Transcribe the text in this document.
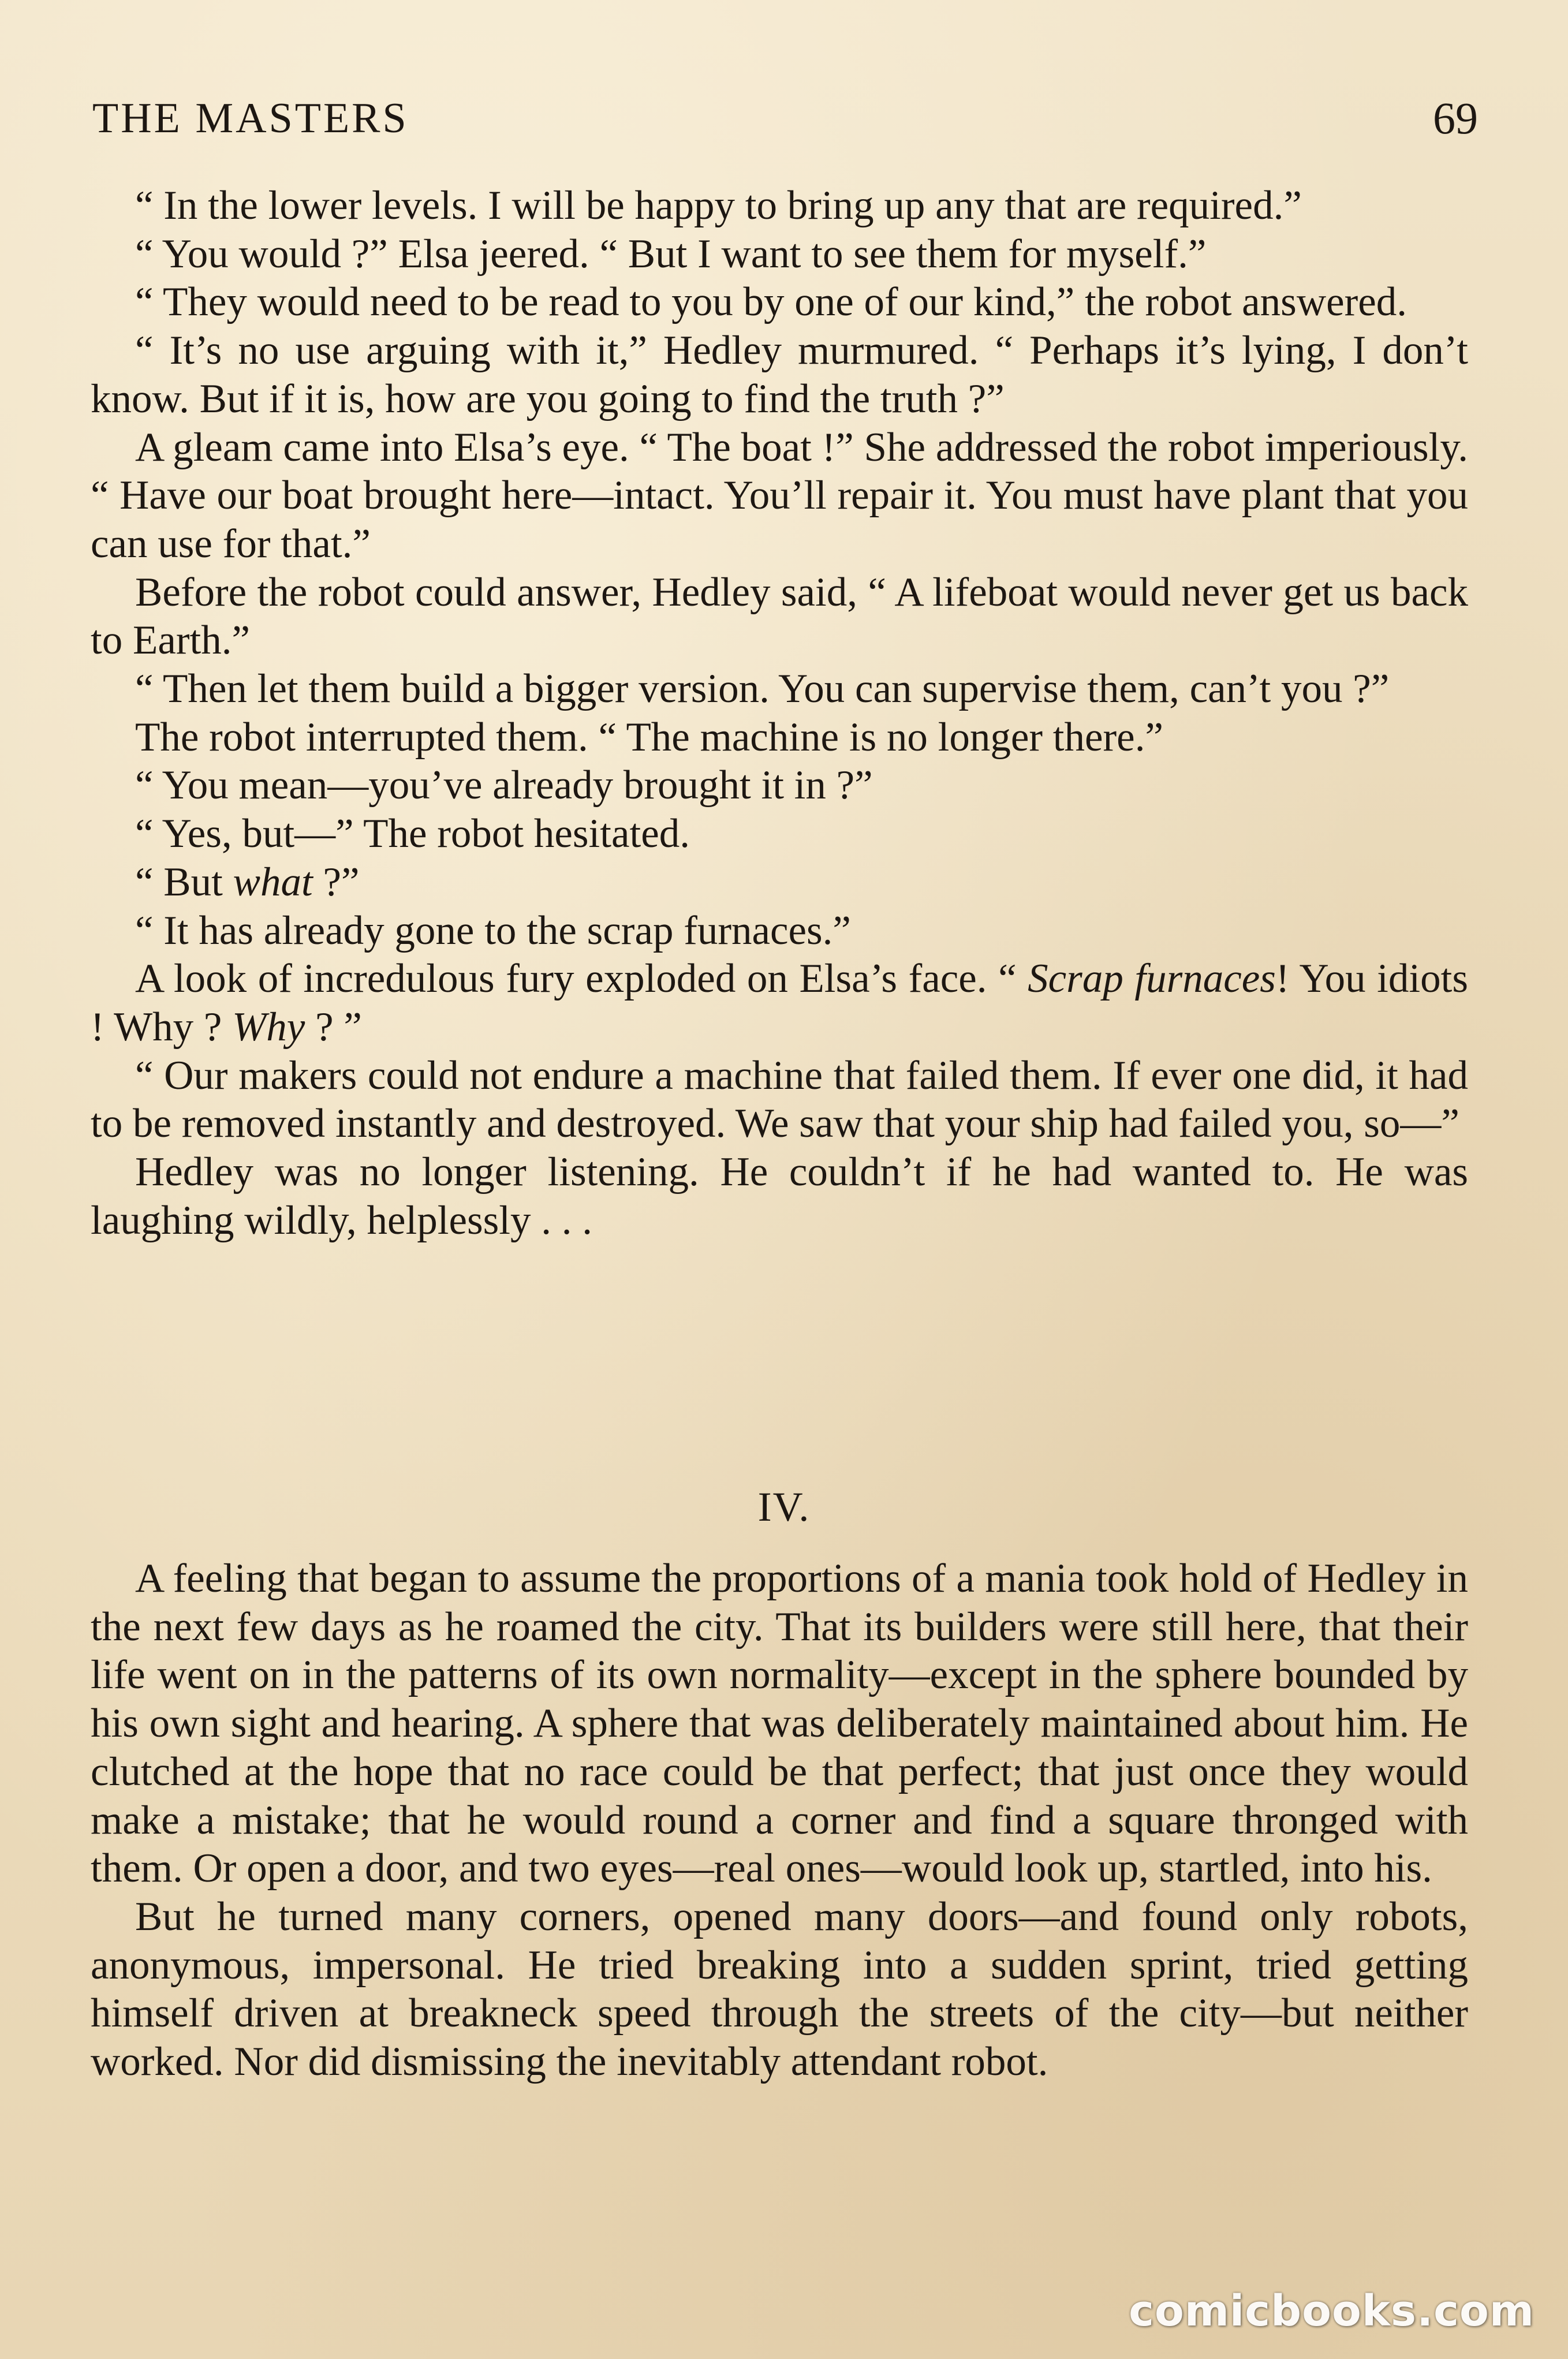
THE MASTERS	69

“ In the lower levels. I will be happy to bring up any that are required.”

“ You would ?” Elsa jeered. “ But I want to see them for myself.”

“ They would need to be read to you by one of our kind,” the robot answered.

“ It’s no use arguing with it,” Hedley murmured. “ Perhaps it’s lying, I don’t know. But if it is, how are you going to find the truth ?”

A gleam came into Elsa’s eye. “ The boat !” She addressed the robot imperiously. “ Have our boat brought here—intact. You’ll repair it. You must have plant that you can use for that.”

Before the robot could answer, Hedley said, “ A lifeboat would never get us back to Earth.”

“ Then let them build a bigger version. You can supervise them, can’t you ?”

The robot interrupted them. “ The machine is no longer there.”

“ You mean—you’ve already brought it in ?”

“ Yes, but—” The robot hesitated.

“ But what ?”

“ It has already gone to the scrap furnaces.”

A look of incredulous fury exploded on Elsa’s face. “ Scrap furnaces! You idiots ! Why ? Why ? ”

“ Our makers could not endure a machine that failed them. If ever one did, it had to be removed instantly and destroyed. We saw that your ship had failed you, so—”

Hedley was no longer listening. He couldn’t if he had wanted to. He was laughing wildly, helplessly . . .

IV.

A feeling that began to assume the proportions of a mania took hold of Hedley in the next few days as he roamed the city. That its builders were still here, that their life went on in the patterns of its own normality—except in the sphere bounded by his own sight and hearing. A sphere that was deliberately maintained about him. He clutched at the hope that no race could be that perfect; that just once they would make a mistake; that he would round a corner and find a square thronged with them. Or open a door, and two eyes—real ones—would look up, startled, into his.

But he turned many corners, opened many doors—and found only robots, anonymous, impersonal. He tried breaking into a sudden sprint, tried getting himself driven at breakneck speed through the streets of the city—but neither worked. Nor did dismissing the inevitably attendant robot.

comicbooks.com
